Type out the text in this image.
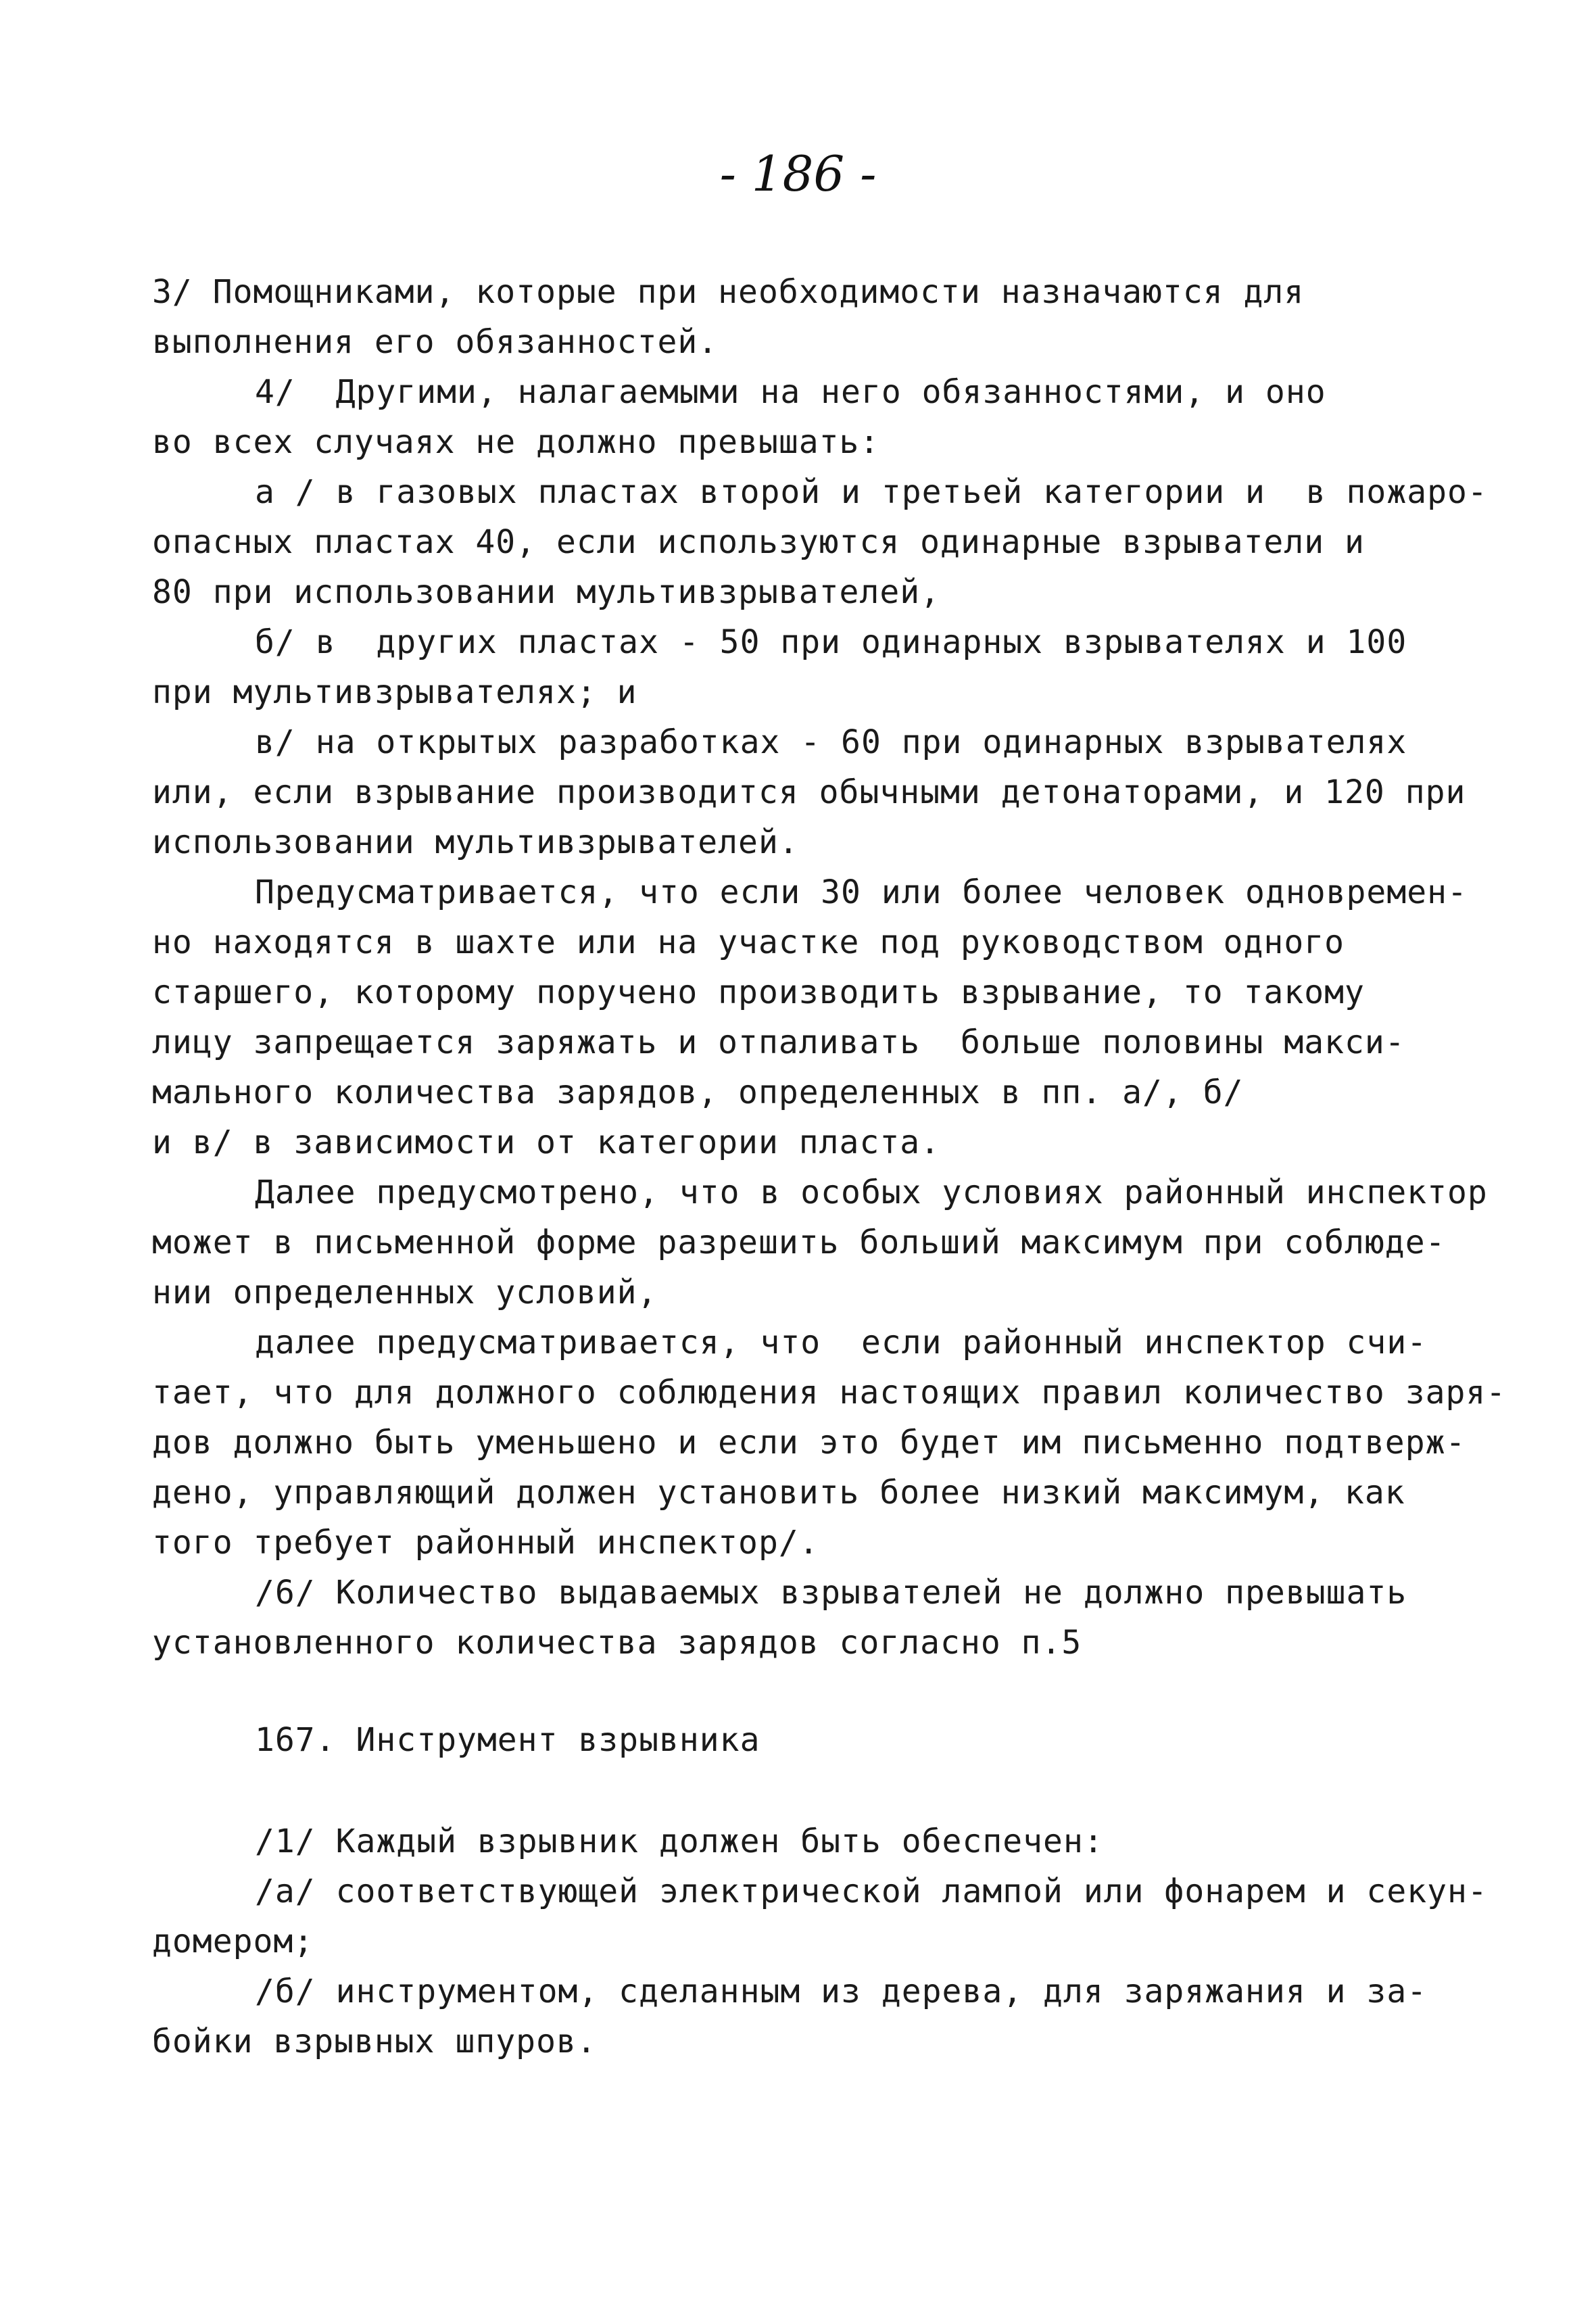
- 186 -
3/ Помощниками, которые при необходимости назначаются для
выполнения его обязанностей.
4/  Другими, налагаемыми на него обязанностями, и оно
во всех случаях не должно превышать:
а / в газовых пластах второй и третьей категории и  в пожаро-
опасных пластах 40, если используются одинарные взрыватели и
80 при использовании мультивзрывателей,
б/ в  других пластах - 50 при одинарных взрывателях и 100
при мультивзрывателях; и
в/ на открытых разработках - 60 при одинарных взрывателях
или, если взрывание производится обычными детонаторами, и 120 при
использовании мультивзрывателей.
Предусматривается, что если 30 или более человек одновремен-
но находятся в шахте или на участке под руководством одного
старшего, которому поручено производить взрывание, то такому
лицу запрещается заряжать и отпаливать  больше половины макси-
мального количества зарядов, определенных в пп. а/, б/
и в/ в зависимости от категории пласта.
Далее предусмотрено, что в особых условиях районный инспектор
может в письменной форме разрешить больший максимум при соблюде-
нии определенных условий,
далее предусматривается, что  если районный инспектор счи-
тает, что для должного соблюдения настоящих правил количество заря-
дов должно быть уменьшено и если это будет им письменно подтверж-
дено, управляющий должен установить более низкий максимум, как
того требует районный инспектор/.
/6/ Количество выдаваемых взрывателей не должно превышать
установленного количества зарядов согласно п.5
167. Инструмент взрывника
/1/ Каждый взрывник должен быть обеспечен:
/а/ соответствующей электрической лампой или фонарем и секун-
домером;
/б/ инструментом, сделанным из дерева, для заряжания и за-
бойки взрывных шпуров.
